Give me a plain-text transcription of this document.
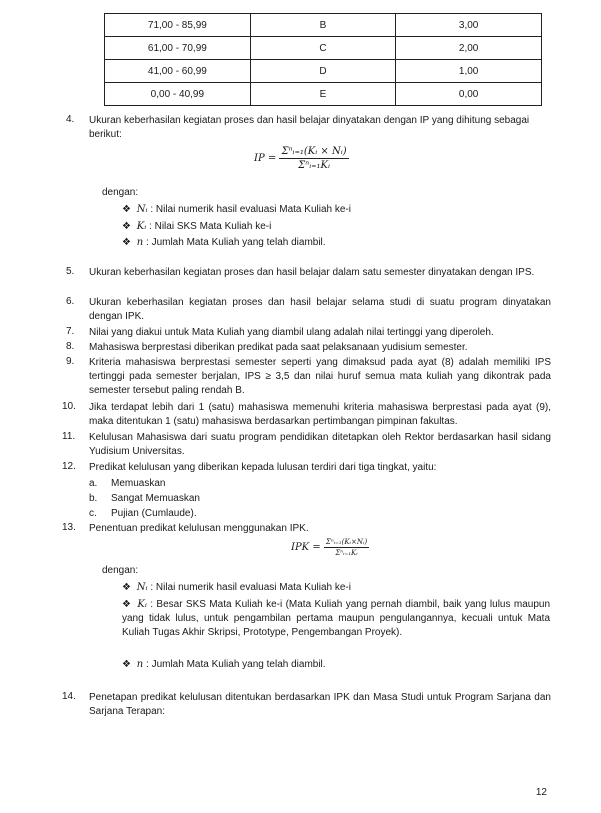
71,00 - 85,99	B	3,00
61,00 - 70,99	C	2,00
41,00 - 60,99	D	1,00
0,00 - 40,99	E	0,00
4. Ukuran keberhasilan kegiatan proses dan hasil belajar dinyatakan dengan IP yang dihitung sebagai berikut:
IP = $\frac{\text{Σⁿᵢ₌₁(Kᵢ × Nᵢ)}}{\text{Σⁿᵢ₌₁Kᵢ}}$
dengan:
❖ Nᵢ : Nilai numerik hasil evaluasi Mata Kuliah ke-i
❖ Kᵢ : Nilai SKS Mata Kuliah ke-i
❖ n : Jumlah Mata Kuliah yang telah diambil.
5. Ukuran keberhasilan kegiatan proses dan hasil belajar dalam satu semester dinyatakan dengan IPS.
6. Ukuran keberhasilan kegiatan proses dan hasil belajar selama studi di suatu program dinyatakan dengan IPK.
7. Nilai yang diakui untuk Mata Kuliah yang diambil ulang adalah nilai tertinggi yang diperoleh.
8. Mahasiswa berprestasi diberikan predikat pada saat pelaksanaan yudisium semester.
9. Kriteria mahasiswa berprestasi semester seperti yang dimaksud pada ayat (8) adalah memiliki IPS tertinggi pada semester berjalan, IPS ≥ 3,5 dan nilai huruf semua mata kuliah yang dikontrak pada semester tersebut paling rendah B.
10. Jika terdapat lebih dari 1 (satu) mahasiswa memenuhi kriteria mahasiswa berprestasi pada ayat (9), maka ditentukan 1 (satu) mahasiswa berdasarkan pertimbangan pimpinan fakultas.
11. Kelulusan Mahasiswa dari suatu program pendidikan ditetapkan oleh Rektor berdasarkan hasil sidang Yudisium Universitas.
12. Predikat kelulusan yang diberikan kepada lulusan terdiri dari tiga tingkat, yaitu:
a. Memuaskan
b. Sangat Memuaskan
c. Pujian (Cumlaude).
13. Penentuan predikat kelulusan menggunakan IPK.
IPK = $\frac{\text{Σⁿᵢ₌₁(Kᵢ×Nᵢ)}}{\text{Σⁿᵢ₌₁Kᵢ}}$
dengan:
❖ Nᵢ : Nilai numerik hasil evaluasi Mata Kuliah ke-i
❖ Kᵢ : Besar SKS Mata Kuliah ke-i (Mata Kuliah yang pernah diambil, baik yang lulus maupun yang tidak lulus, untuk pengambilan pertama maupun pengulangannya, kecuali untuk Mata Kuliah Tugas Akhir Skripsi, Prototype, Pengembangan Proyek).
❖ n : Jumlah Mata Kuliah yang telah diambil.
14. Penetapan predikat kelulusan ditentukan berdasarkan IPK dan Masa Studi untuk Program Sarjana dan Sarjana Terapan:
12
